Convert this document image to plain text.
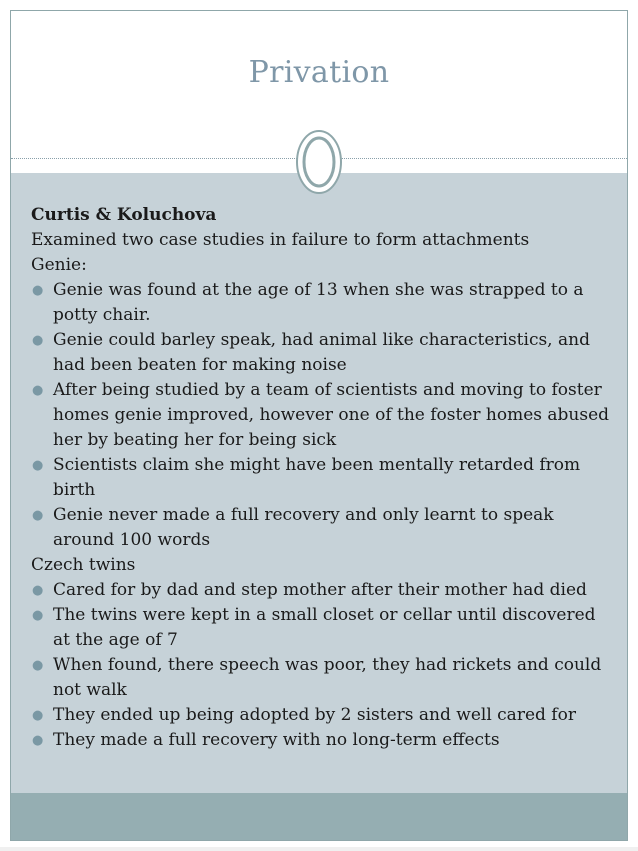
Privation

Curtis & Koluchova

Examined two case studies in failure to form attachments

Genie:

● Genie was found at the age of 13 when she was strapped to a potty chair.
● Genie could barley speak, had animal like characteristics, and had been beaten for making noise
● After being studied by a team of scientists and moving to foster homes genie improved, however one of the foster homes abused her by beating her for being sick
● Scientists claim she might have been mentally retarded from birth
● Genie never made a full recovery and only learnt to speak around 100 words

Czech twins

● Cared for by dad and step mother after their mother had died
● The twins were kept in a small closet or cellar until discovered at the age of 7
● When found, there speech was poor, they had rickets and could not walk
● They ended up being adopted by 2 sisters and well cared for
● They made a full recovery with no long-term effects
